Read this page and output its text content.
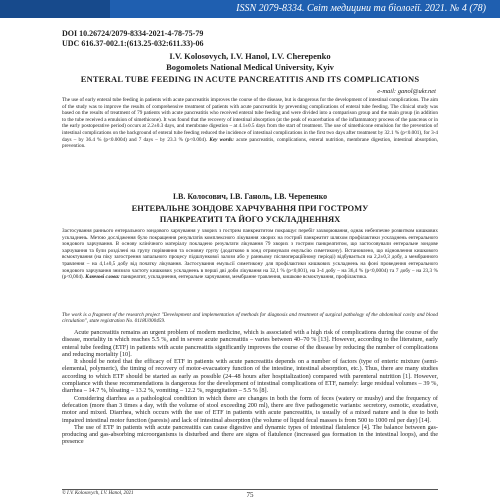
ISSN 2079-8334. Світ медицини та біології. 2021. № 4 (78)
DOI 10.26724/2079-8334-2021-4-78-75-79
UDC 616.37-002.1:(613.25-032:611.33)-06
I.V. Kolosovych, I.V. Hanol, I.V. Cherepenko
Bogomolets National Medical University, Kyiv
ENTERAL TUBE FEEDING IN ACUTE PANCREATITIS AND ITS COMPLICATIONS
e-mail: ganol@ukr.net
The use of early enteral tube feeding in patients with acute pancreatitis improves the course of the disease, but is dangerous for the development of intestinal complications. The aim of the study was to improve the results of comprehensive treatment of patients with acute pancreatitis by preventing complications of enteral tube feeding. The clinical study was based on the results of treatment of 79 patients with acute pancreatitis who received enteral tube feeding and were divided into a comparison group and the main group (in addition to the tube received a emulsion of simethicone). It was found that the recovery of intestinal absorption (at the peak of exacerbation of the inflammatory process of the pancreas or in the early postoperative period) occurs at 2.2±0.3 days, and membrane digestion – at 4.1±0.5 days from the start of treatment. The use of simethicone emulsion for the prevention of intestinal complications on the background of enteral tube feeding reduced the incidence of intestinal complications in the first two days after treatment by 32.1 % (p<0.001), for 3-4 days – by 36.4 % (p<0.0004) and 7 days – by 23.3 % (p<0.004). Key words: acute pancreatitis, complications, enteral nutrition, membrane digestion, intestinal absorption, prevention.
І.В. Колосович, І.В. Ганоль, І.В. Черепенко
ЕНТЕРАЛЬНЕ ЗОНДОВЕ ХАРЧУВАННЯ ПРИ ГОСТРОМУ ПАНКРЕАТИТІ ТА ЙОГО УСКЛАДНЕННЯХ
Застосування раннього ентерального зондового харчування у хворих з гострим панкреатитом покращує перебіг захворювання, однак небезпечне розвитком кишкових ускладнень. Метою дослідження було покращення результатів комплексного лікування хворих на гострий панкреатит шляхом профілактики ускладнень ентерального зондового харчування. В основу клінічного матеріалу покладено результати лікування 79 хворих з гострим панкреатитом, що застосовували ентеральне зондове харчування та були розділені на групу порівняння та основну групу (додатково в зонд отримували емульсію симетикону). Встановлено, що відновлення кишкового всмоктування (на піку загострення запального процесу підшлункової залози або у ранньому післяопераційному періоді) відбувається на 2,2±0,3 добу, а мембранного травлення – на 4,1±0,5 добу від початку лікування. Застосування емульсії симетикону для профілактики кишкових ускладнень на фоні проведення ентерального зондового харчування знизило частоту кишкових ускладнень в перші дві доби лікування на 32,1 % (р<0,001), на 3-4 добу – на 36,4 % (р<0,0004) та 7 добу – на 23,3 % (р<0,004). Ключові слова: панкреатит, ускладнення, ентеральне харчування, мембранне травлення, кишкове всмоктування, профілактика.
The work is a fragment of the research project "Development and implementation of methods for diagnosis and treatment of surgical pathology of the abdominal cavity and blood circulation", state registration No. 0118U000459.

Acute pancreatitis remains an urgent problem of modern medicine, which is associated with a high risk of complications during the course of the disease, mortality in which reaches 5.5 %, and in severe acute pancreatitis – varies between 40–70 % [13]. However, according to the literature, early enteral tube feeding (ETF) in patients with acute pancreatitis significantly improves the course of the disease by reducing the number of complications and reducing mortality [10].

It should be noted that the efficacy of ETF in patients with acute pancreatitis depends on a number of factors (type of enteric mixture (semi-elemental, polymeric), the timing of recovery of motor-evacuatory function of the intestine, intestinal absorption, etc.). Thus, there are many studies according to which ETF should be started as early as possible (24–48 hours after hospitalization) compared with parenteral nutrition [1]. However, compliance with these recommendations is dangerous for the development of intestinal complications of ETF, namely: large residual volumes – 39 %, diarrhea – 14.7 %, bloating – 13.2 %, vomiting – 12.2 %, regurgitation – 5.5 % [8].

Considering diarrhea as a pathological condition in which there are changes in both the form of feces (watery or mushy) and the frequency of defecation (more than 3 times a day, with the volume of stool exceeding 200 ml), there are five pathogenetic variants: secretory, osmotic, exudative, motor and mixed. Diarrhea, which occurs with the use of ETF in patients with acute pancreatitis, is usually of a mixed nature and is due to both impaired intestinal motor function (paresis) and lack of intestinal absorption (the volume of liquid fecal masses is from 500 to 1000 ml per day) [14].

The use of ETF in patients with acute pancreatitis can cause digestive and dynamic types of intestinal flatulence [4]. The balance between gas-producing and gas-absorbing microorganisms is disturbed and there are signs of flatulence (increased gas formation in the intestinal loops), and the presence

© I.V. Kolosovych, I.V. Hanol, 2021	75
